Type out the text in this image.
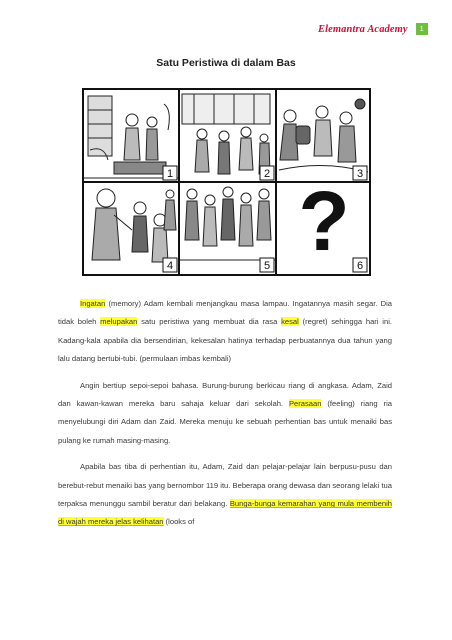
Elemantra Academy	1
Satu Peristiwa di dalam Bas
?
1	2	3
4	5	6

Ingatan (memory) Adam kembali menjangkau masa lampau. Ingatannya masih segar. Dia tidak boleh melupakan satu peristiwa yang membuat dia rasa kesal (regret) sehingga hari ini. Kadang-kala apabila dia bersendirian, kekesalan hatinya terhadap perbuatannya dua tahun yang lalu datang bertubi-tubi. (permulaan imbas kembali)

Angin bertiup sepoi-sepoi bahasa. Burung-burung berkicau riang di angkasa. Adam, Zaid dan kawan-kawan mereka baru sahaja keluar dari sekolah. Perasaan (feeling) riang ria menyelubungi diri Adam dan Zaid. Mereka menuju ke sebuah perhentian bas untuk menaiki bas pulang ke rumah masing-masing.

Apabila bas tiba di perhentian itu, Adam, Zaid dan pelajar-pelajar lain berpusu-pusu dan berebut-rebut menaiki bas yang bernombor 119 itu. Beberapa orang dewasa dan seorang lelaki tua terpaksa menunggu sambil beratur dari belakang. Bunga-bunga kemarahan yang mula membenih di wajah mereka jelas kelihatan (looks of
